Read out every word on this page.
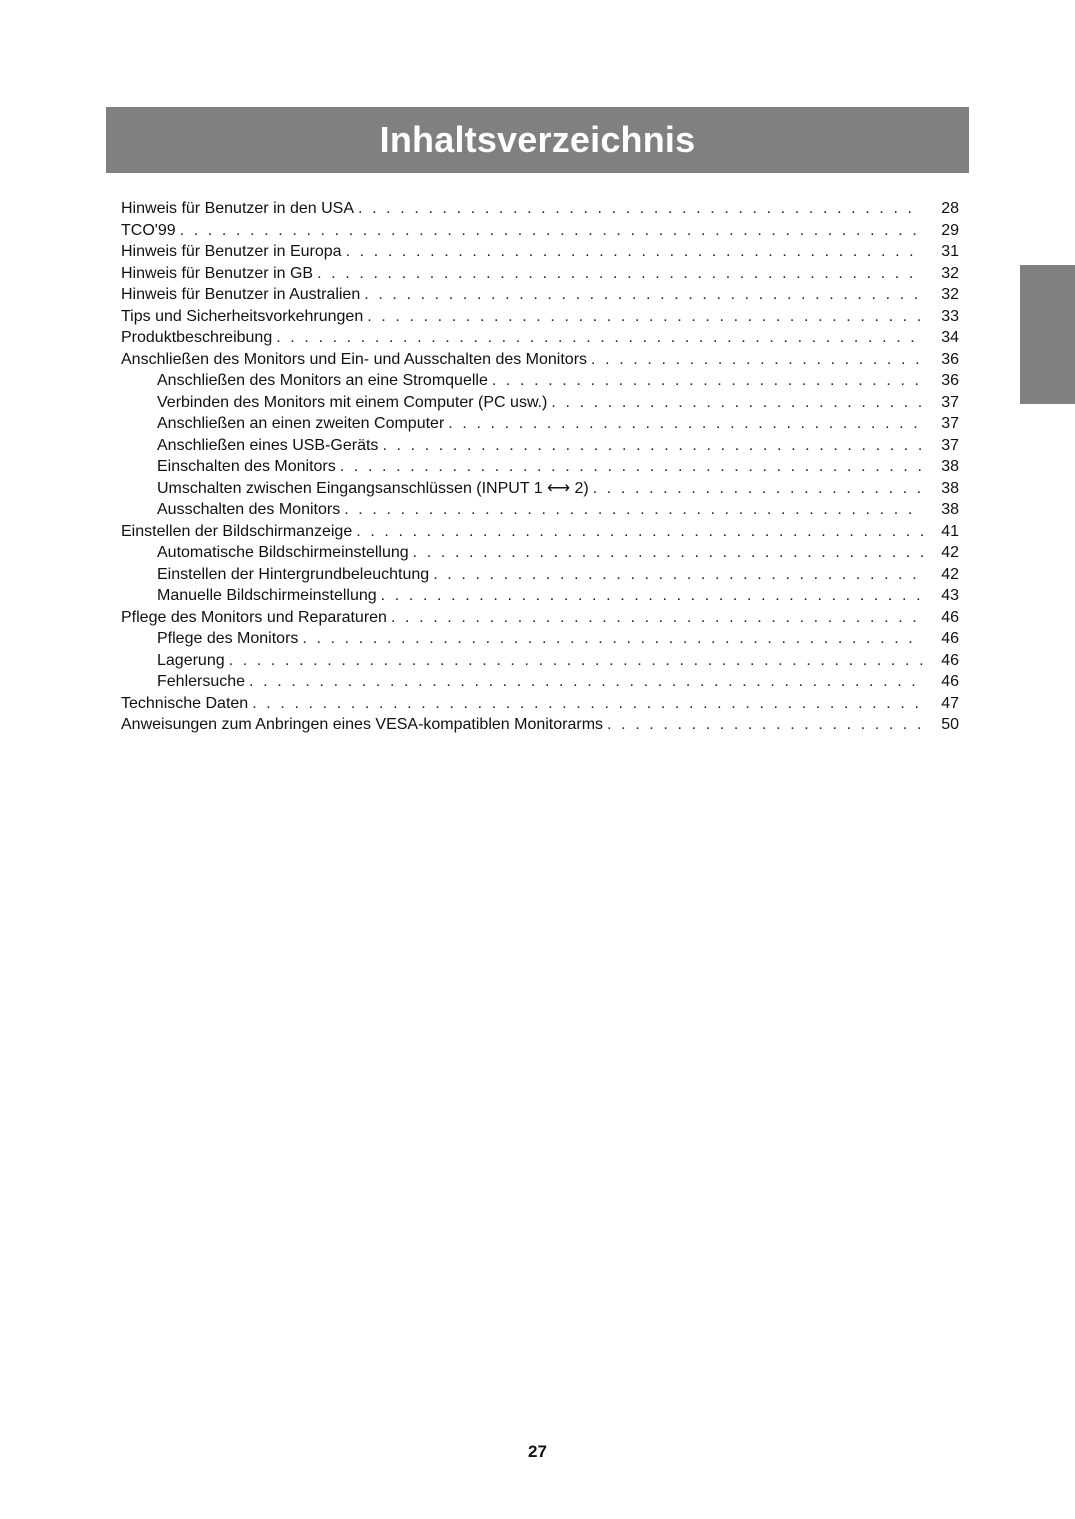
Inhaltsverzeichnis
Hinweis für Benutzer in den USA . . .	28
TCO'99 . . .	29
Hinweis für Benutzer in Europa . . .	31
Hinweis für Benutzer in GB . . .	32
Hinweis für Benutzer in Australien . . .	32
Tips und Sicherheitsvorkehrungen . . .	33
Produktbeschreibung . . .	34
Anschließen des Monitors und Ein- und Ausschalten des Monitors . . .	36
Anschließen des Monitors an eine Stromquelle . . .	36
Verbinden des Monitors mit einem Computer (PC usw.) . . .	37
Anschließen an einen zweiten Computer . . .	37
Anschließen eines USB-Geräts . . .	37
Einschalten des Monitors . . .	38
Umschalten zwischen Eingangsanschlüssen (INPUT 1 ⟷ 2) . . .	38
Ausschalten des Monitors . . .	38
Einstellen der Bildschirmanzeige . . .	41
Automatische Bildschirmeinstellung . . .	42
Einstellen der Hintergrundbeleuchtung . . .	42
Manuelle Bildschirmeinstellung . . .	43
Pflege des Monitors und Reparaturen . . .	46
Pflege des Monitors . . .	46
Lagerung . . .	46
Fehlersuche . . .	46
Technische Daten . . .	47
Anweisungen zum Anbringen eines VESA-kompatiblen Monitorarms . . .	50
27
